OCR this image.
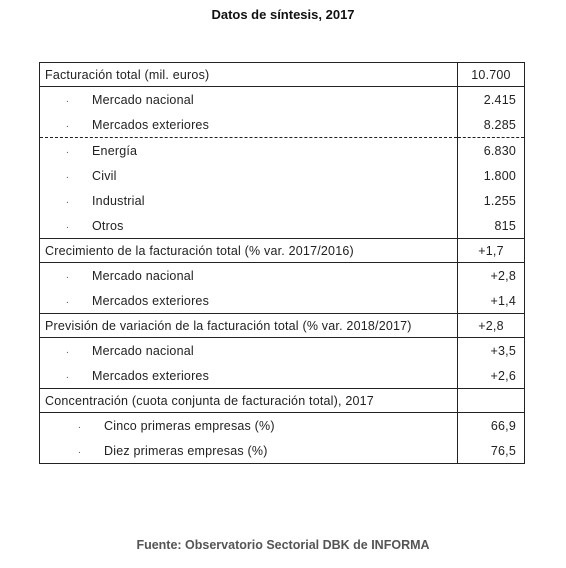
Datos de síntesis, 2017
Facturación total (mil. euros)	10.700
· Mercado nacional	2.415
· Mercados exteriores	8.285
· Energía	6.830
· Civil	1.800
· Industrial	1.255
· Otros	815
Crecimiento de la facturación total (% var. 2017/2016)	+1,7
· Mercado nacional	+2,8
· Mercados exteriores	+1,4
Previsión de variación de la facturación total (% var. 2018/2017)	+2,8
· Mercado nacional	+3,5
· Mercados exteriores	+2,6
Concentración (cuota conjunta de facturación total), 2017	
· Cinco primeras empresas (%)	66,9
· Diez primeras empresas (%)	76,5
Fuente: Observatorio Sectorial DBK de INFORMA
